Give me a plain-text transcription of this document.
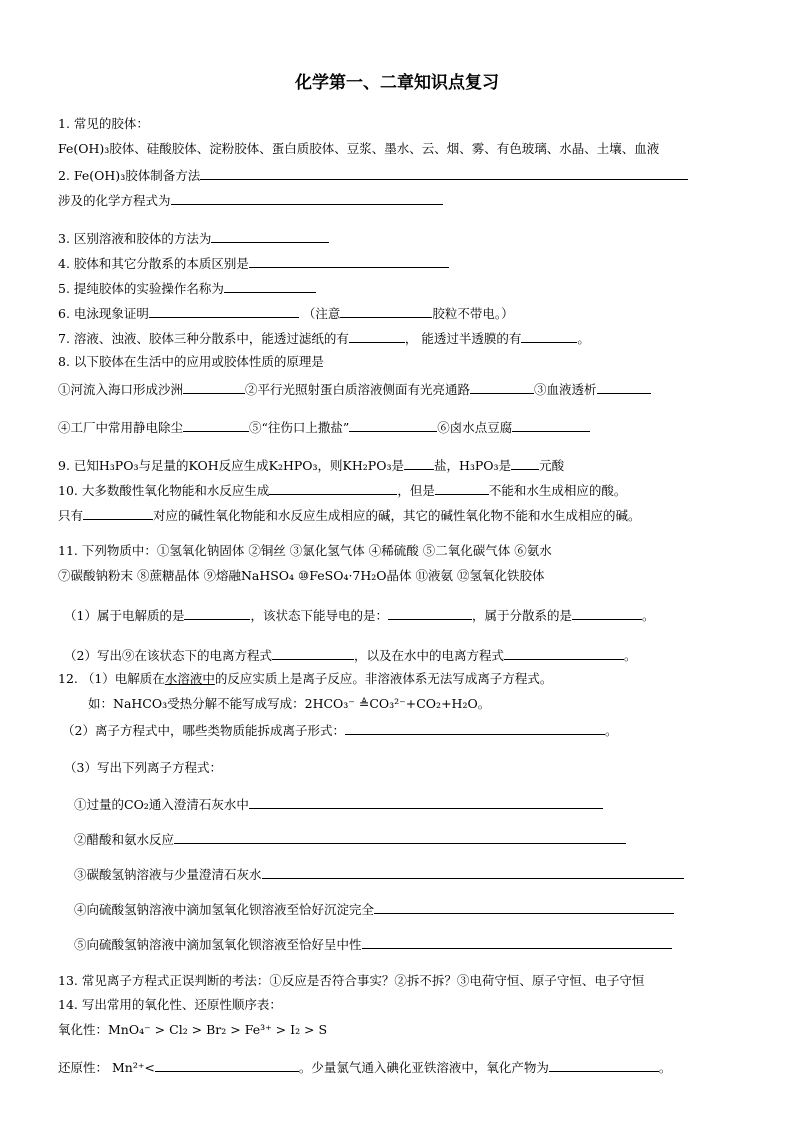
化学第一、二章知识点复习
1. 常见的胶体：
Fe(OH)₃胶体、硅酸胶体、淀粉胶体、蛋白质胶体、豆浆、墨水、云、烟、雾、有色玻璃、水晶、土壤、血液
2. Fe(OH)₃胶体制备方法
涉及的化学方程式为
3. 区别溶液和胶体的方法为
4. 胶体和其它分散系的本质区别是
5. 提纯胶体的实验操作名称为
6. 电泳现象证明	（注意	胶粒不带电。）
7. 溶液、浊液、胶体三种分散系中，能透过滤纸的有	， 能透过半透膜的有	。
8. 以下胶体在生活中的应用或胶体性质的原理是
①河流入海口形成沙洲	②平行光照射蛋白质溶液侧面有光亮通路	③血液透析
④工厂中常用静电除尘	⑤“往伤口上撒盐”	⑥卤水点豆腐
9. 已知H₃PO₃与足量的KOH反应生成K₂HPO₃，则KH₂PO₃是 盐，H₃PO₃是 元酸
10. 大多数酸性氧化物能和水反应生成	，但是	不能和水生成相应的酸。
只有	对应的碱性氧化物能和水反应生成相应的碱，其它的碱性氧化物不能和水生成相应的碱。
11. 下列物质中：①氢氧化钠固体 ②铜丝 ③氯化氢气体 ④稀硫酸 ⑤二氧化碳气体 ⑥氨水
⑦碳酸钠粉末 ⑧蔗糖晶体 ⑨熔融NaHSO₄ ⑩FeSO₄·7H₂O晶体 ⑪液氨 ⑫氢氧化铁胶体
（1）属于电解质的是	，该状态下能导电的是：	，属于分散系的是	。
（2）写出⑨在该状态下的电离方程式	，以及在水中的电离方程式	。
12. （1）电解质在水溶液中的反应实质上是离子反应。非溶液体系无法写成离子方程式。
如：NaHCO₃受热分解不能写成写成：2HCO₃⁻ ≜CO₃²⁻+CO₂+H₂O。
（2）离子方程式中，哪些类物质能拆成离子形式：	。
（3）写出下列离子方程式：
①过量的CO₂通入澄清石灰水中
②醋酸和氨水反应
③碳酸氢钠溶液与少量澄清石灰水
④向硫酸氢钠溶液中滴加氢氧化钡溶液至恰好沉淀完全
⑤向硫酸氢钠溶液中滴加氢氧化钡溶液至恰好呈中性
13. 常见离子方程式正误判断的考法：①反应是否符合事实？②拆不拆？③电荷守恒、原子守恒、电子守恒
14. 写出常用的氧化性、还原性顺序表：
氧化性：MnO₄⁻ > Cl₂ > Br₂ > Fe³⁺ > I₂ > S
还原性： Mn²⁺<	。少量氯气通入碘化亚铁溶液中，氧化产物为	。
